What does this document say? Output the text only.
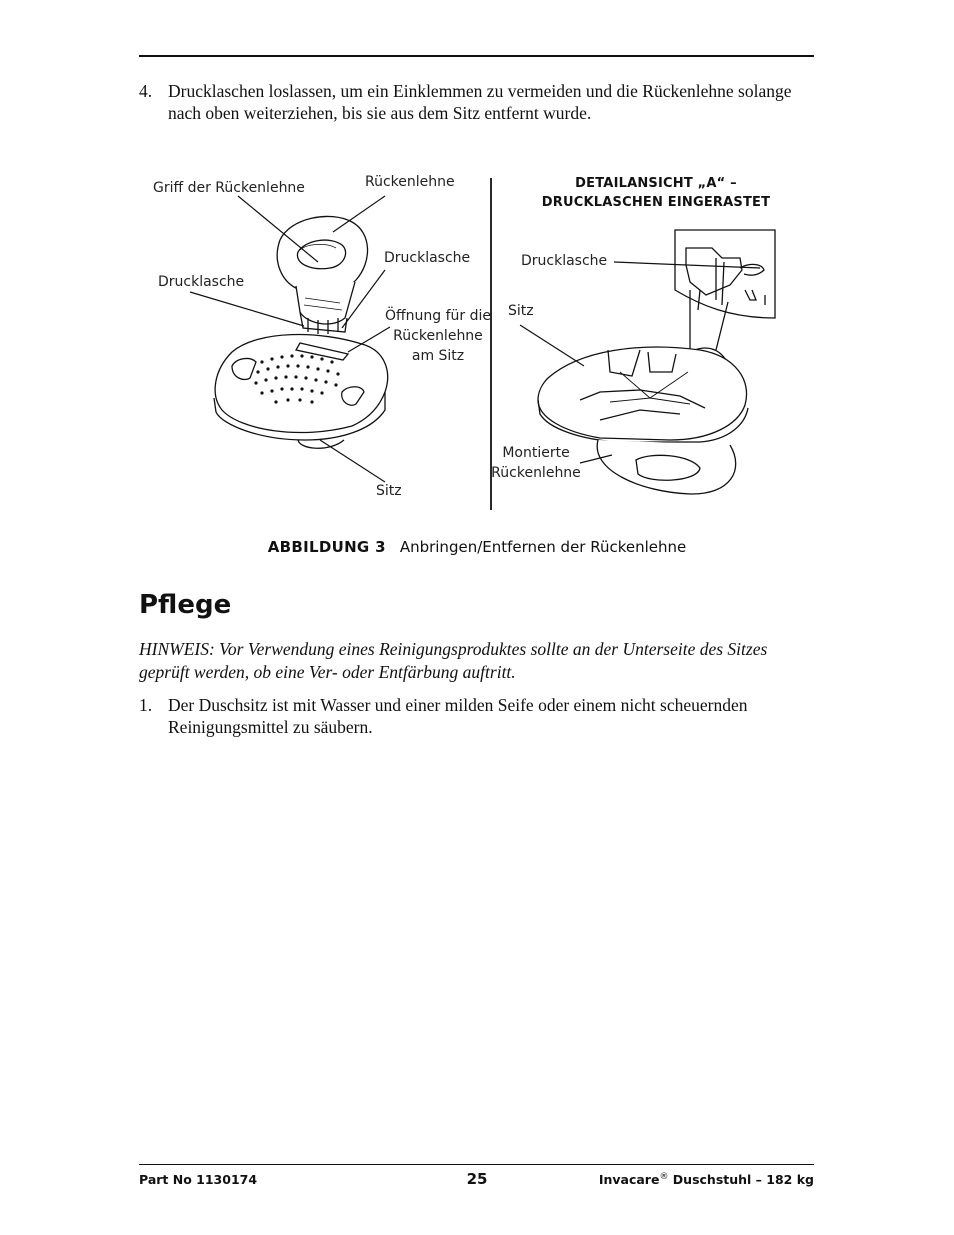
4. Drucklaschen loslassen, um ein Einklemmen zu vermeiden und die Rückenlehne solange nach oben weiterziehen, bis sie aus dem Sitz entfernt wurde.
Griff der Rückenlehne	Rückenlehne
Drucklasche
Drucklasche
Öffnung für die
Rückenlehne
am Sitz
Sitz
DETAILANSICHT „A“ –
DRUCKLASCHEN EINGERASTET
Drucklasche
Sitz
Montierte
Rückenlehne
ABBILDUNG 3 Anbringen/Entfernen der Rückenlehne
Pflege
HINWEIS: Vor Verwendung eines Reinigungsproduktes sollte an der Unterseite des Sitzes geprüft werden, ob eine Ver- oder Entfärbung auftritt.
1. Der Duschsitz ist mit Wasser und einer milden Seife oder einem nicht scheuernden Reinigungsmittel zu säubern.
Part No 1130174	25	Invacare® Duschstuhl – 182 kg
